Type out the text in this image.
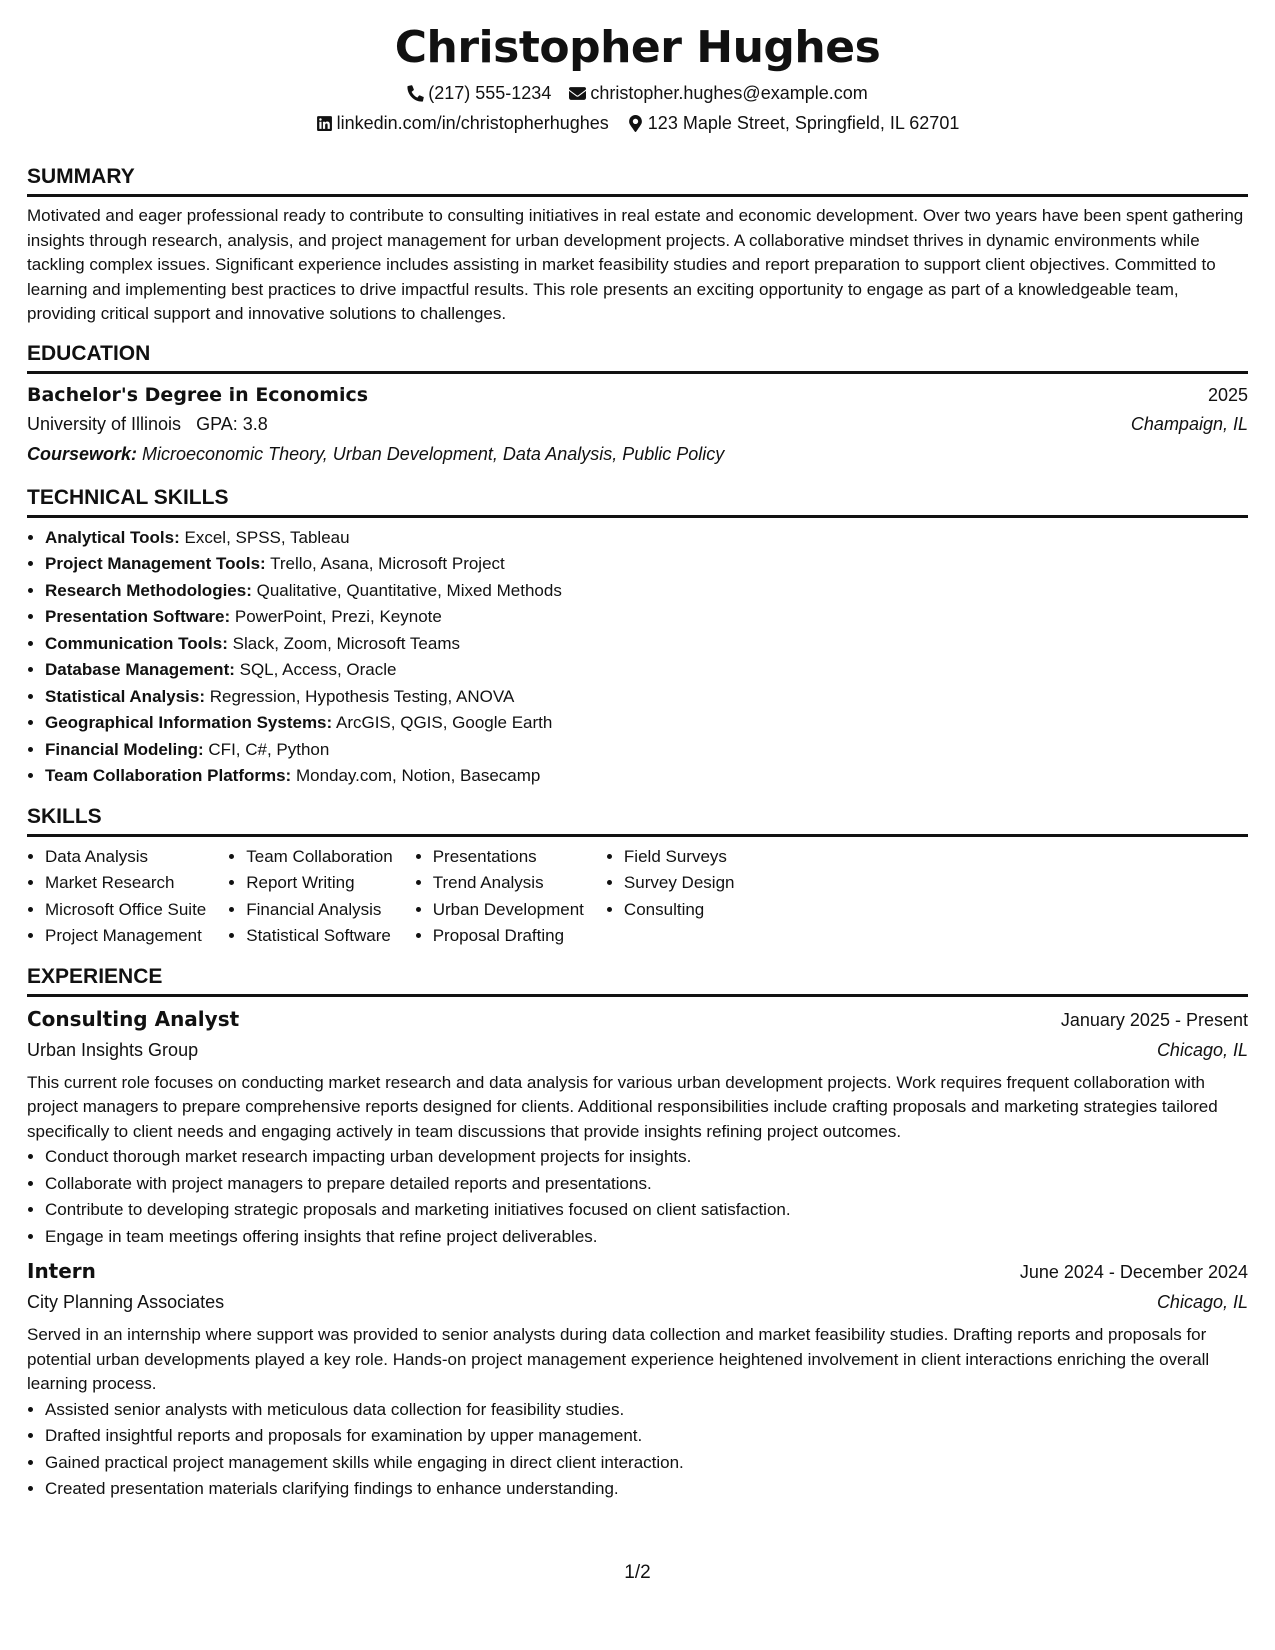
Christopher Hughes
(217) 555-1234 christopher.hughes@example.com
linkedin.com/in/christopherhughes 123 Maple Street, Springfield, IL 62701
SUMMARY

Motivated and eager professional ready to contribute to consulting initiatives in real estate and economic development. Over two years have been spent gathering insights through research, analysis, and project management for urban development projects. A collaborative mindset thrives in dynamic environments while tackling complex issues. Significant experience includes assisting in market feasibility studies and report preparation to support client objectives. Committed to learning and implementing best practices to drive impactful results. This role presents an exciting opportunity to engage as part of a knowledgeable team, providing critical support and innovative solutions to challenges.

EDUCATION
Bachelor's Degree in Economics	2025
University of Illinois GPA: 3.8	Champaign, IL
Coursework: Microeconomic Theory, Urban Development, Data Analysis, Public Policy
TECHNICAL SKILLS
• Analytical Tools: Excel, SPSS, Tableau
• Project Management Tools: Trello, Asana, Microsoft Project
• Research Methodologies: Qualitative, Quantitative, Mixed Methods
• Presentation Software: PowerPoint, Prezi, Keynote
• Communication Tools: Slack, Zoom, Microsoft Teams
• Database Management: SQL, Access, Oracle
• Statistical Analysis: Regression, Hypothesis Testing, ANOVA
• Geographical Information Systems: ArcGIS, QGIS, Google Earth
• Financial Modeling: CFI, C#, Python
• Team Collaboration Platforms: Monday.com, Notion, Basecamp
SKILLS
• Data Analysis
• Market Research
• Microsoft Office Suite
• Project Management
• Team Collaboration
• Report Writing
• Financial Analysis
• Statistical Software
• Presentations
• Trend Analysis
• Urban Development
• Proposal Drafting
• Field Surveys
• Survey Design
• Consulting
EXPERIENCE
Consulting Analyst	January 2025 - Present
Urban Insights Group	Chicago, IL

This current role focuses on conducting market research and data analysis for various urban development projects. Work requires frequent collaboration with project managers to prepare comprehensive reports designed for clients. Additional responsibilities include crafting proposals and marketing strategies tailored specifically to client needs and engaging actively in team discussions that provide insights refining project outcomes.

• Conduct thorough market research impacting urban development projects for insights.
• Collaborate with project managers to prepare detailed reports and presentations.
• Contribute to developing strategic proposals and marketing initiatives focused on client satisfaction.
• Engage in team meetings offering insights that refine project deliverables.
Intern	June 2024 - December 2024
City Planning Associates	Chicago, IL

Served in an internship where support was provided to senior analysts during data collection and market feasibility studies. Drafting reports and proposals for potential urban developments played a key role. Hands-on project management experience heightened involvement in client interactions enriching the overall learning process.

• Assisted senior analysts with meticulous data collection for feasibility studies.
• Drafted insightful reports and proposals for examination by upper management.
• Gained practical project management skills while engaging in direct client interaction.
• Created presentation materials clarifying findings to enhance understanding.
1/2
